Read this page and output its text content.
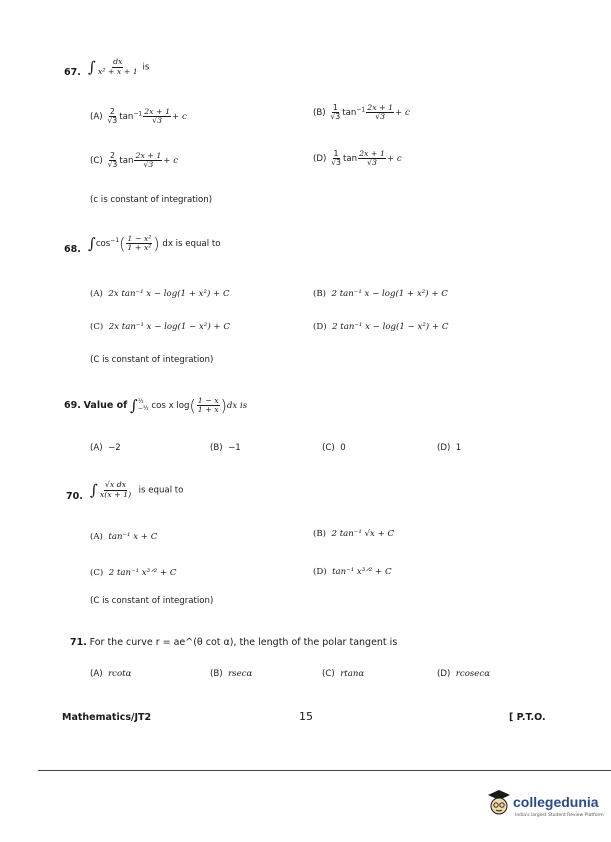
67. ∫ $\frac{dx}{\text{x² + x + 1}}$ is
$(A) \frac{2}{√3} \tan^{-1} \frac{2x + 1}{√3} + c$	$(B) \frac{1}{√3} \tan^{-1} \frac{2x + 1}{√3} + c$
$(C) \frac{2}{√3}$ $\tan \frac{2x + 1}{√3} + c$	$(D) \frac{1}{√3}$ $\tan \frac{2x + 1}{√3} + c$
(c is constant of integration)
68. $\int\cos^{-1}( \frac{\text{1 − x²}}{\text{1 + x²}}$ ) dx is equal to
(A) 2x tan⁻¹ x − log(1 + x²) + C	(B) 2 tan⁻¹ x − log(1 + x²) + C
(C) 2x tan⁻¹ x − log(1 − x²) + C	(D) 2 tan⁻¹ x − log(1 − x²) + C
(C is constant of integration)
69. Value of ∫ ½
−½ cos x $\log( \frac{1 - x}{1 + x} )dx$ is
(A) −2	(B) −1	(C) 0	(D) 1
70. ∫ $\frac{\text{√x dx}}{x(x + 1)}$ is equal to
(A) tan⁻¹ x + C	(B) 2 tan⁻¹ √x + C
(C) 2 tan⁻¹ x³ᐟ² + C	(D) tan⁻¹ x³ᐟ² + C
(C is constant of integration)
71. For the curve r = ae^(θ cot α), the length of the polar tangent is
(A) rcotα	(B) rsecα	(C) rtanα	(D) rcosecα
Mathematics/JT2	15	[ P.T.O.
collegedunia
India's largest Student Review Platform
